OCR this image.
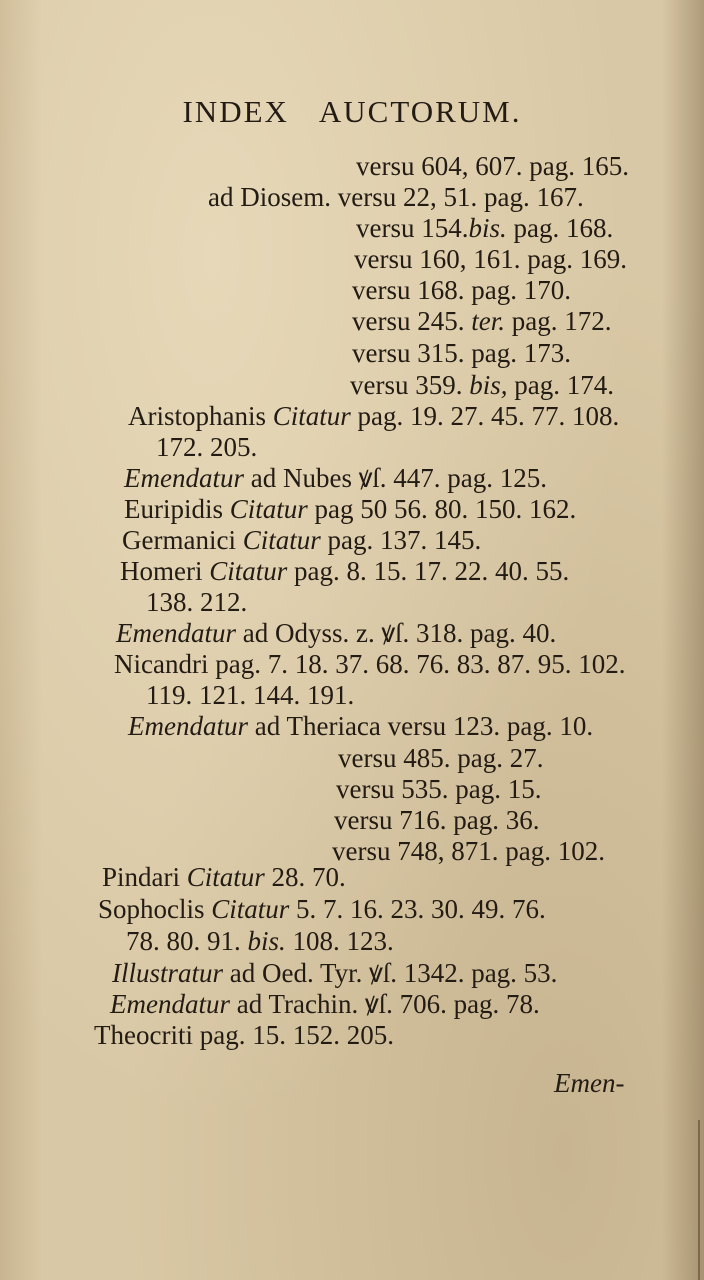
INDEX AUCTORUM.
versu 604, 607. pag. 165.
ad Diosem. versu 22, 51. pag. 167.
versu 154.bis. pag. 168.
versu 160, 161. pag. 169.
versu 168. pag. 170.
versu 245. ter. pag. 172.
versu 315. pag. 173.
versu 359. bis, pag. 174.
Aristophanis Citatur pag. 19. 27. 45. 77. 108.
172. 205.
Emendatur ad Nubes ꝟſ. 447. pag. 125.
Euripidis Citatur pag 50 56. 80. 150. 162.
Germanici Citatur pag. 137. 145.
Homeri Citatur pag. 8. 15. 17. 22. 40. 55.
138. 212.
Emendatur ad Odyss. z. ꝟſ. 318. pag. 40.
Nicandri pag. 7. 18. 37. 68. 76. 83. 87. 95. 102.
119. 121. 144. 191.
Emendatur ad Theriaca versu 123. pag. 10.
versu 485. pag. 27.
versu 535. pag. 15.
versu 716. pag. 36.
versu 748, 871. pag. 102.
Pindari Citatur 28. 70.
Sophoclis Citatur 5. 7. 16. 23. 30. 49. 76.
78. 80. 91. bis. 108. 123.
Illustratur ad Oed. Tyr. ꝟſ. 1342. pag. 53.
Emendatur ad Trachin. ꝟſ. 706. pag. 78.
Theocriti pag. 15. 152. 205.
Emen-
